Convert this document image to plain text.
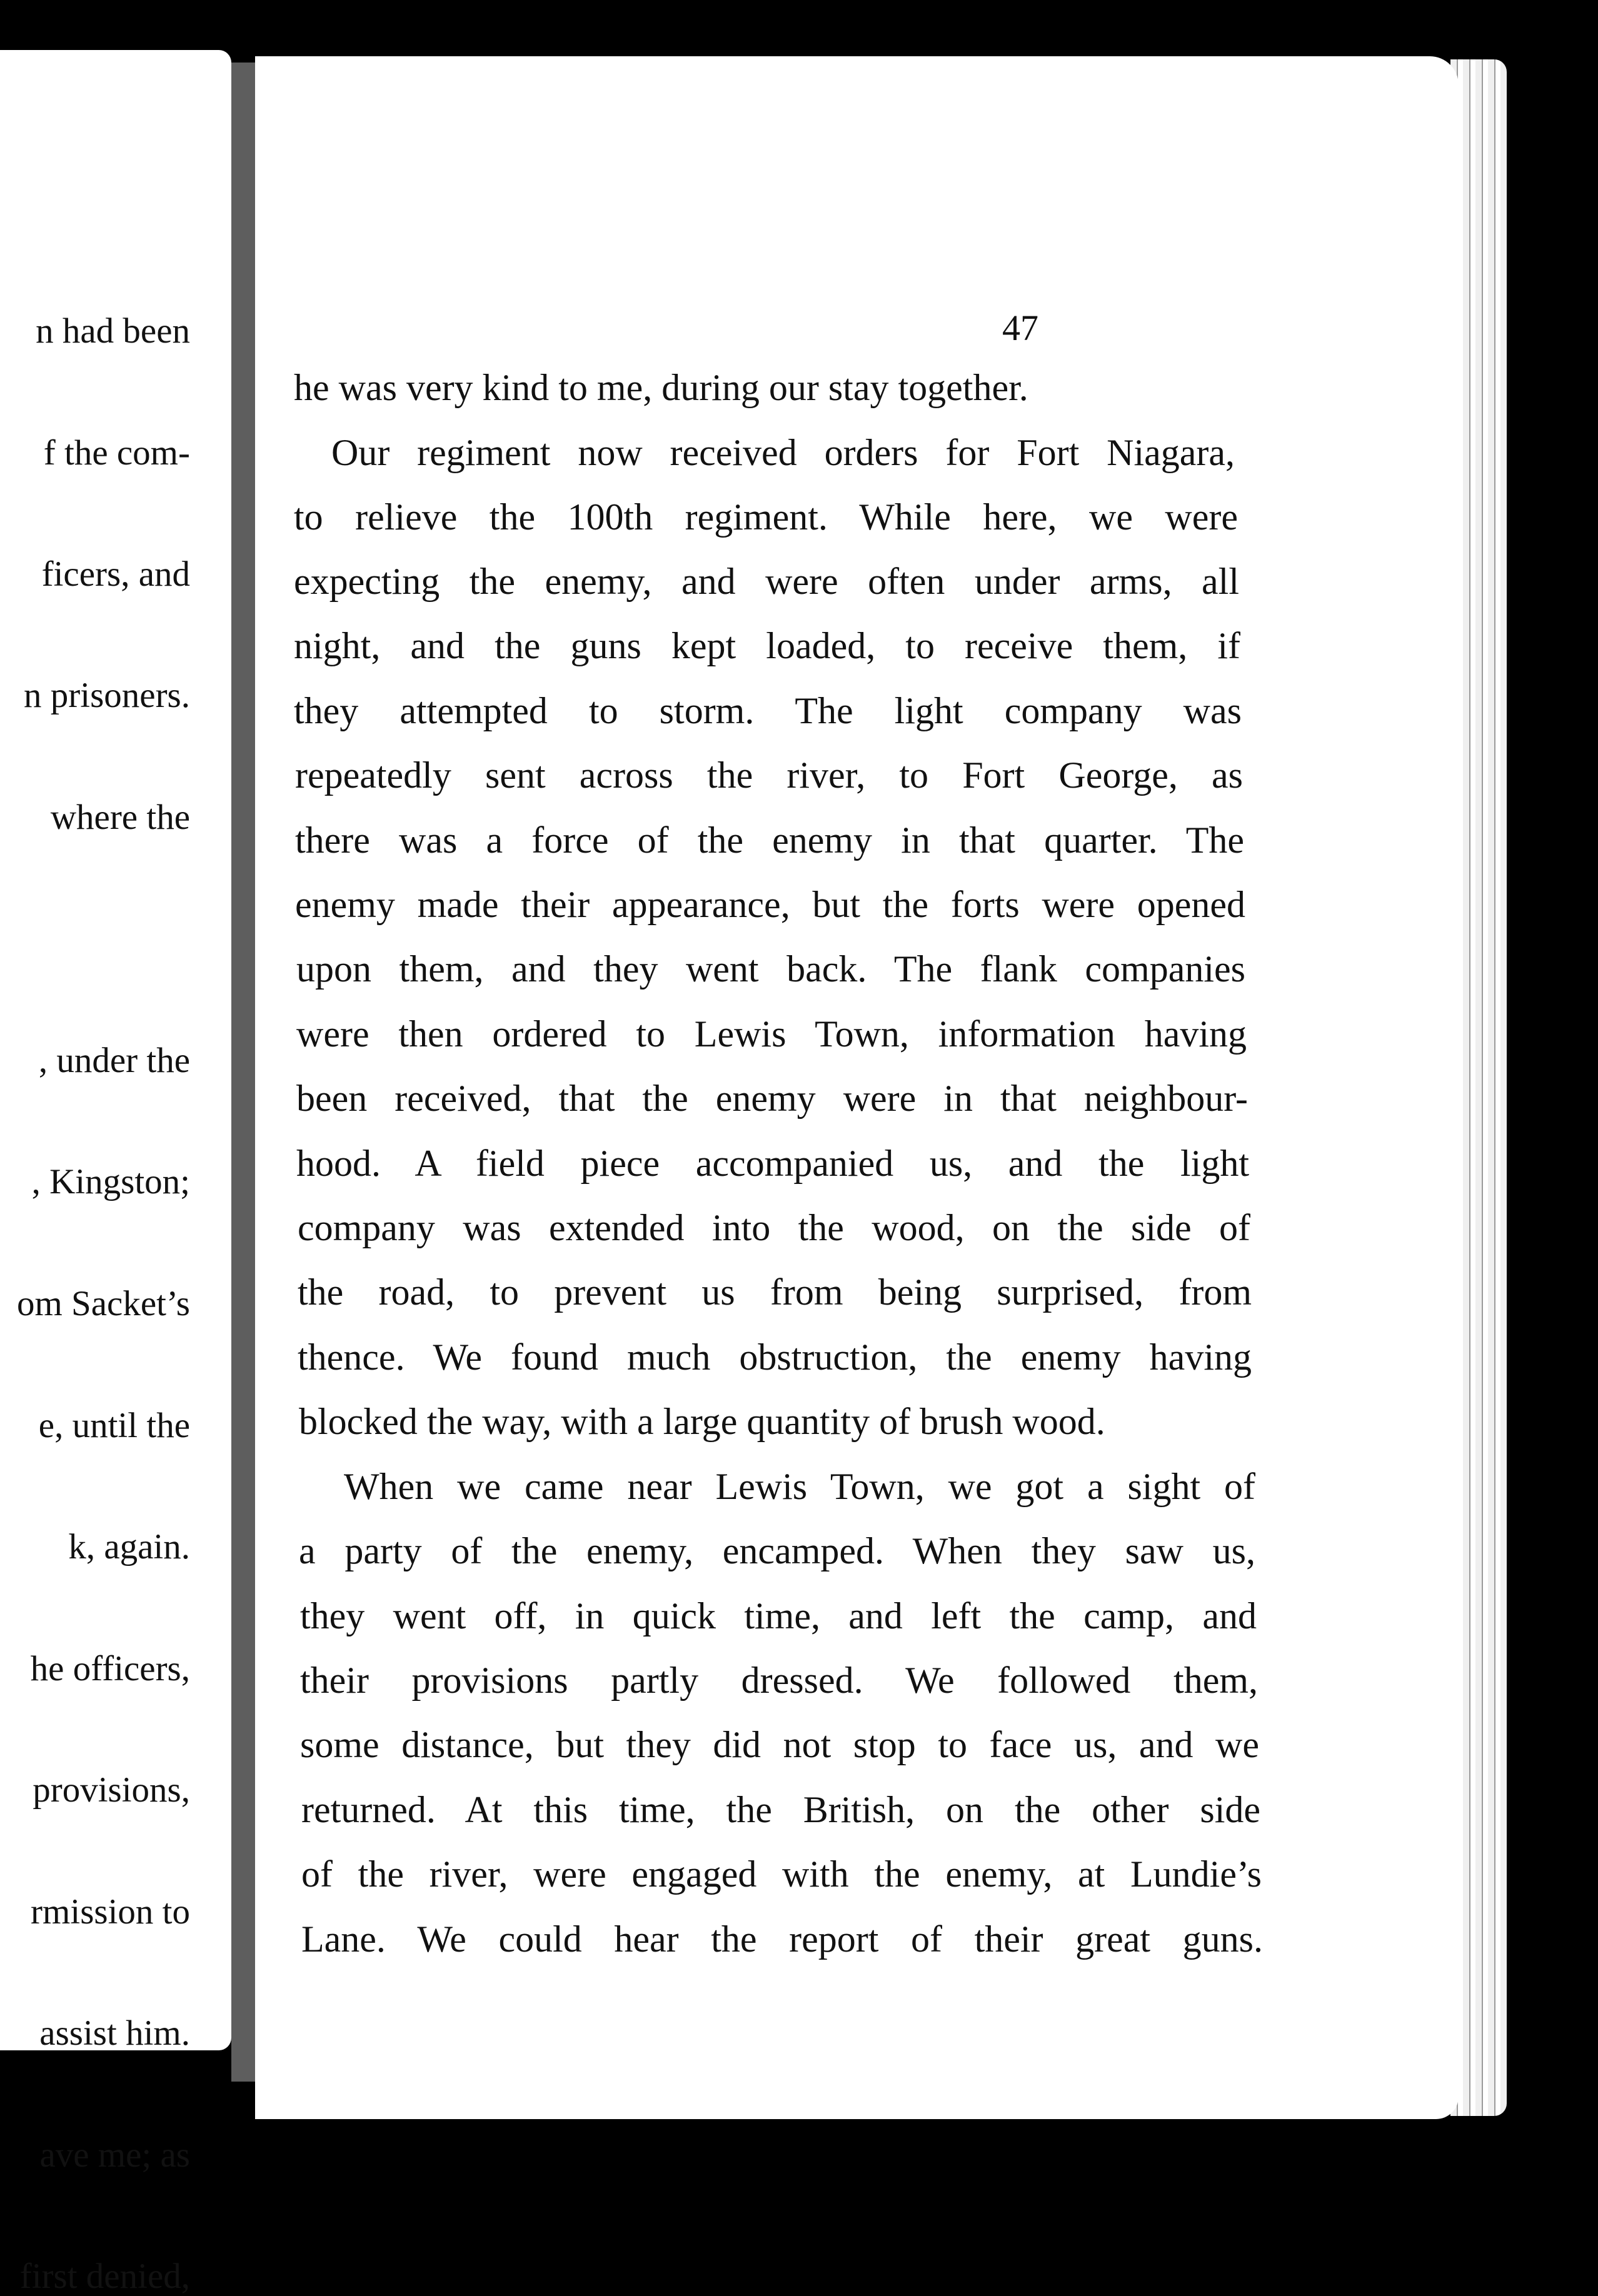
n had been
f the com-
ficers, and
n prisoners.
where the
, under the
, Kingston;
om Sacket’s
e, until the
k, again.
he officers,
provisions,
rmission to
assist him.
ave me; as
first denied,
47
he was very kind to me, during our stay together.
Our regiment now received orders for Fort Niagara,
to relieve the 100th regiment. While here, we were
expecting the enemy, and were often under arms, all
night, and the guns kept loaded, to receive them, if
they attempted to storm. The light company was
repeatedly sent across the river, to Fort George, as
there was a force of the enemy in that quarter. The
enemy made their appearance, but the forts were opened
upon them, and they went back. The flank companies
were then ordered to Lewis Town, information having
been received, that the enemy were in that neighbour-
hood. A field piece accompanied us, and the light
company was extended into the wood, on the side of
the road, to prevent us from being surprised, from
thence. We found much obstruction, the enemy having
blocked the way, with a large quantity of brush wood.
When we came near Lewis Town, we got a sight of
a party of the enemy, encamped. When they saw us,
they went off, in quick time, and left the camp, and
their provisions partly dressed. We followed them,
some distance, but they did not stop to face us, and we
returned. At this time, the British, on the other side
of the river, were engaged with the enemy, at Lundie’s
Lane. We could hear the report of their great guns.
